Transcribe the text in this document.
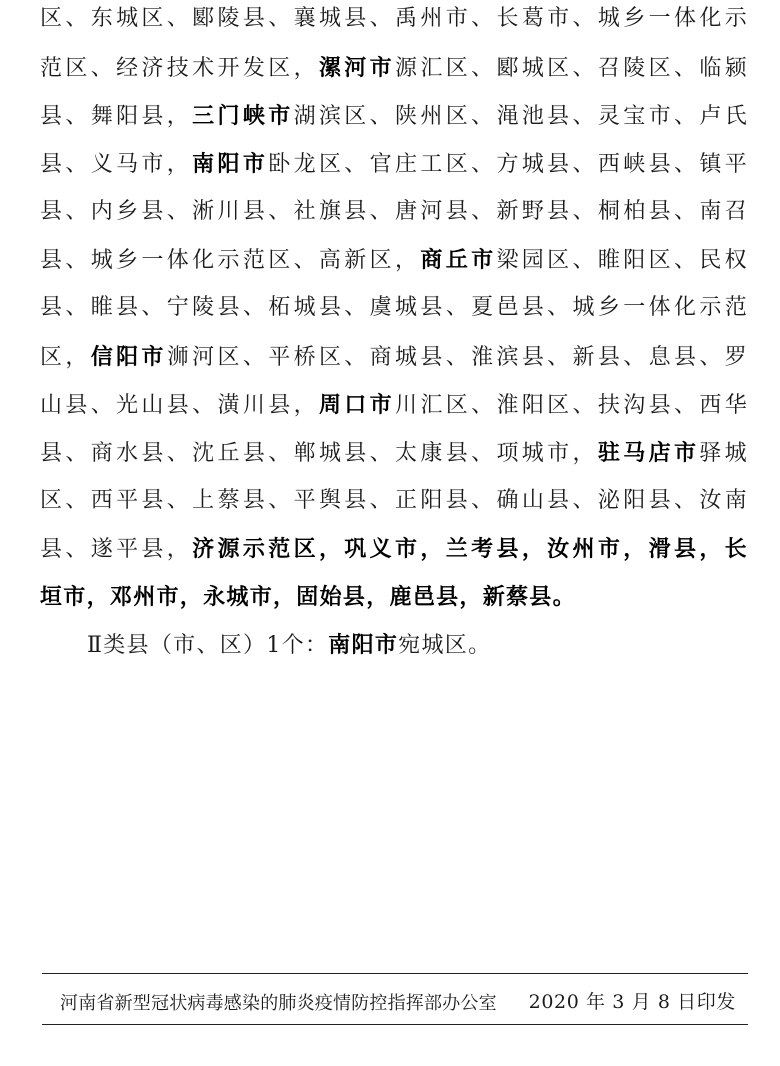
区、东城区、郾陵县、襄城县、禹州市、长葛市、城乡一体化示
范区、经济技术开发区，漯河市源汇区、郾城区、召陵区、临颍
县、舞阳县，三门峡市湖滨区、陕州区、渑池县、灵宝市、卢氏
县、义马市，南阳市卧龙区、官庄工区、方城县、西峡县、镇平
县、内乡县、淅川县、社旗县、唐河县、新野县、桐柏县、南召
县、城乡一体化示范区、高新区，商丘市梁园区、睢阳区、民权
县、睢县、宁陵县、柘城县、虞城县、夏邑县、城乡一体化示范
区，信阳市浉河区、平桥区、商城县、淮滨县、新县、息县、罗
山县、光山县、潢川县，周口市川汇区、淮阳区、扶沟县、西华
县、商水县、沈丘县、郸城县、太康县、项城市，驻马店市驿城
区、西平县、上蔡县、平舆县、正阳县、确山县、泌阳县、汝南
县、遂平县，济源示范区，巩义市，兰考县，汝州市，滑县，长
垣市，邓州市，永城市，固始县，鹿邑县，新蔡县。
Ⅱ类县（市、区）1个：南阳市宛城区。
河南省新型冠状病毒感染的肺炎疫情防控指挥部办公室 2020 年 3 月 8 日印发
